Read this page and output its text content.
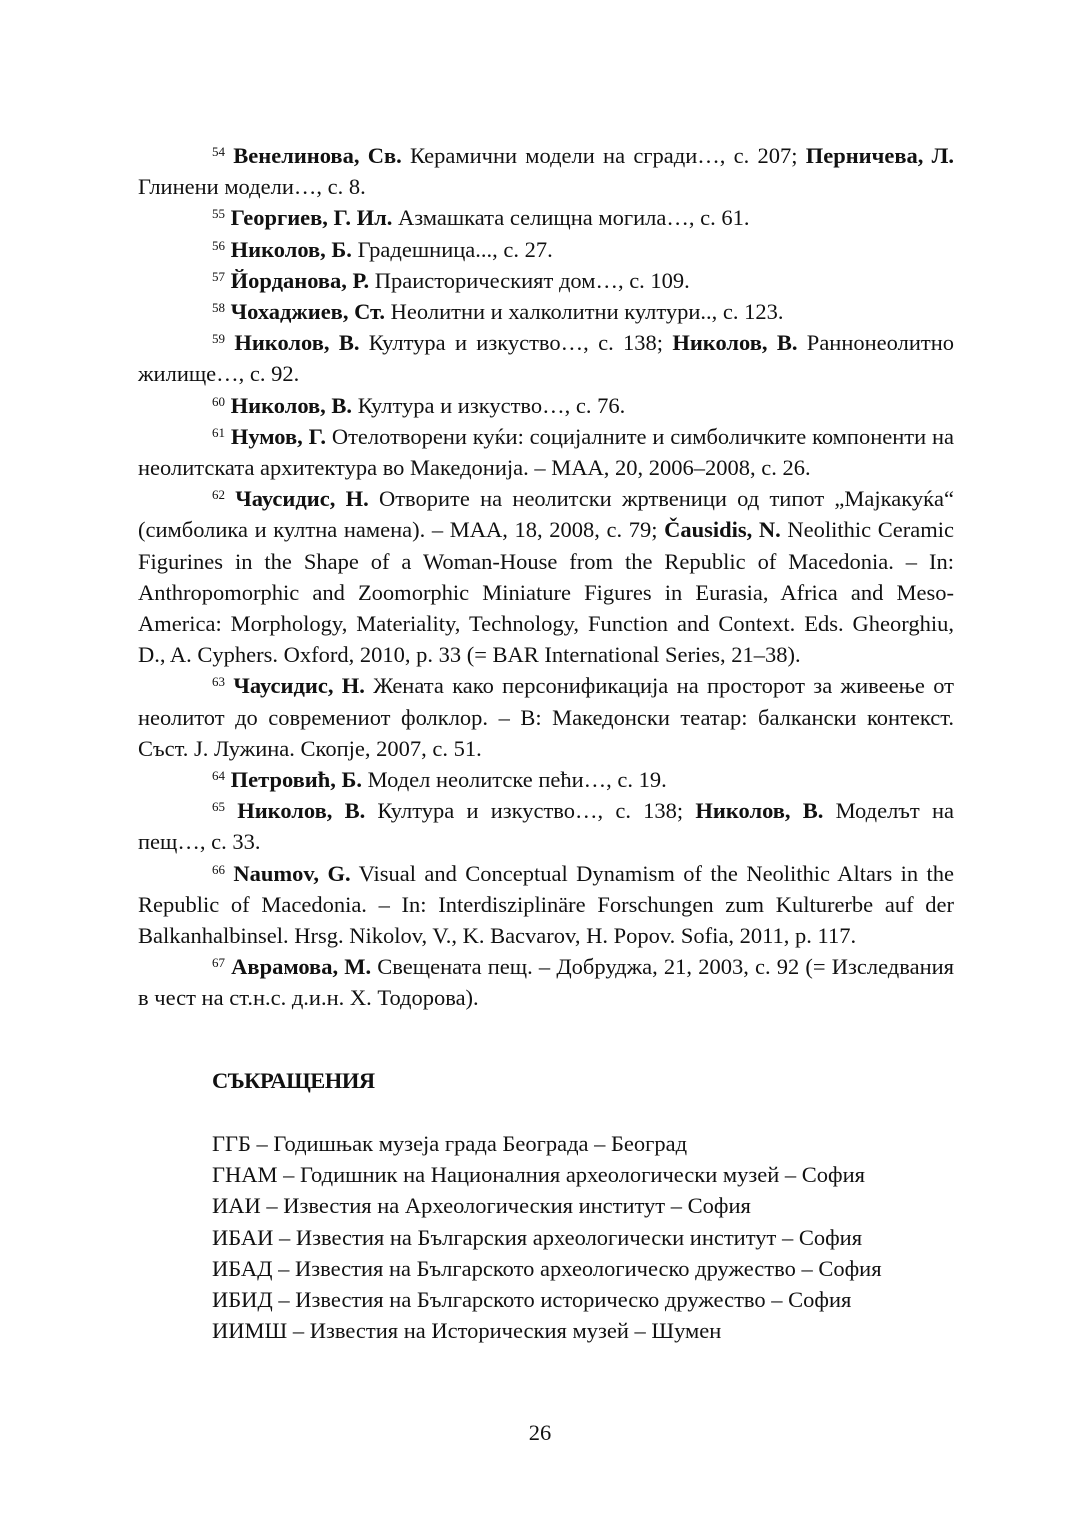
$^{54}$ Венелинова, Св. Керамични модели на сгради…, с. 207; Перничева, Л. Глинени модели…, с. 8.

$^{55}$ Георгиев, Г. Ил. Азмашката селищна могила…, с. 61.

$^{56}$ Николов, Б. Градешница..., с. 27.

$^{57}$ Йорданова, Р. Праисторическият дом…, с. 109.

$^{58}$ Чохаджиев, Ст. Неолитни и халколитни култури.., с. 123.

$^{59}$ Николов, В. Култура и изкуство…, с. 138; Николов, В. Раннонеолитно жилище…, с. 92.

$^{60}$ Николов, В. Култура и изкуство…, с. 76.

$^{61}$ Нумов, Г. Отелотворени куќи: социјалните и симболичките компоненти на неолитската архитектура во Македонија. – МАА, 20, 2006–2008, с. 26.

$^{62}$ Чаусидис, Н. Отворите на неолитски жртвеници од типот „Мајкакуќа“ (симболика и култна намена). – МАА, 18, 2008, с. 79; Čausidis, N. Neolithic Ceramic Figurines in the Shape of a Woman-House from the Republic of Macedonia. – In: Anthropomorphic and Zoomorphic Miniature Figures in Eurasia, Africa and Meso-America: Morphology, Materiality, Technology, Function and Context. Eds. Gheorghiu, D., A. Cyphers. Oxford, 2010, p. 33 (= BAR International Series, 21–38).

$^{63}$ Чаусидис, Н. Жената како персонификација на просторот за живеење от неолитот до современиот фолклор. – В: Македонски театар: балкански контекст. Съст. Ј. Лужина. Скопје, 2007, с. 51.

$^{64}$ Петровић, Б. Модел неолитске пећи…, с. 19.

$^{65}$ Николов, В. Култура и изкуство…, с. 138; Николов, В. Моделът на пещ…, с. 33.

$^{66}$ Naumov, G. Visual and Conceptual Dynamism of the Neolithic Altars in the Republic of Macedonia. – In: Interdisziplinäre Forschungen zum Kulturerbe auf der Balkanhalbinsel. Hrsg. Nikolov, V., K. Bacvarov, H. Popov. Sofia, 2011, p. 117.

$^{67}$ Аврамова, М. Свещената пещ. – Добруджа, 21, 2003, с. 92 (= Изследвания в чест на ст.н.с. д.и.н. Х. Тодорова).

СЪКРАЩЕНИЯ
ГГБ – Годишњак музеја града Београда – Београд
ГНАМ – Годишник на Националния археологически музей – София
ИАИ – Известия на Археологическия институт – София
ИБАИ – Известия на Българския археологически институт – София
ИБАД – Известия на Българското археологическо дружество – София
ИБИД – Известия на Българското историческо дружество – София
ИИМШ – Известия на Историческия музей – Шумен
26
